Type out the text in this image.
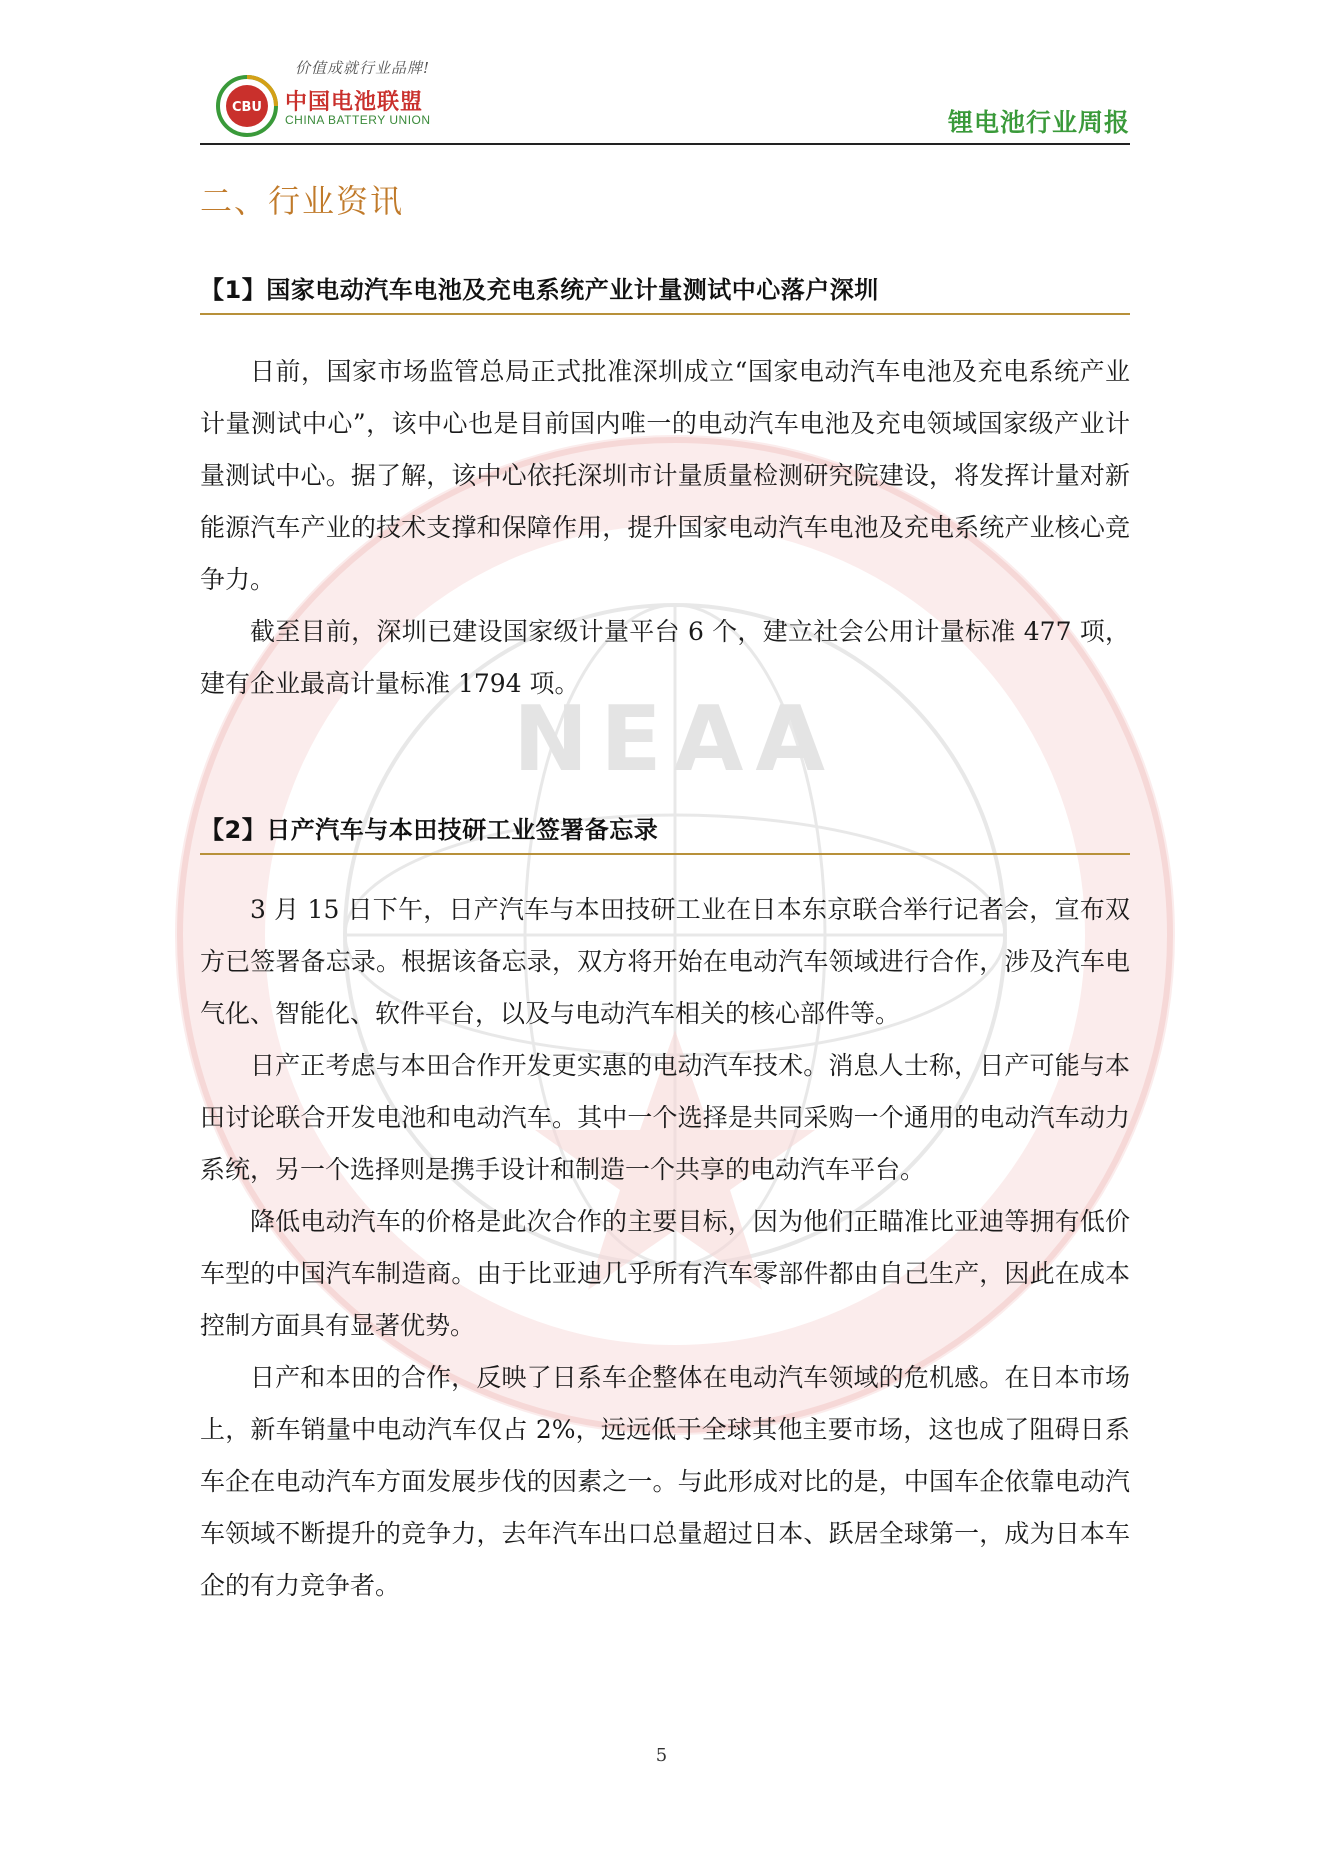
NEAA
价值成就行业品牌!
CBU 中国电池联盟
CHINA BATTERY UNION	锂电池行业周报
二、行业资讯
【1】国家电动汽车电池及充电系统产业计量测试中心落户深圳

日前，国家市场监管总局正式批准深圳成立“国家电动汽车电池及充电系统产业计量测试中心”，该中心也是目前国内唯一的电动汽车电池及充电领域国家级产业计量测试中心。据了解，该中心依托深圳市计量质量检测研究院建设，将发挥计量对新能源汽车产业的技术支撑和保障作用，提升国家电动汽车电池及充电系统产业核心竞争力。

截至目前，深圳已建设国家级计量平台 6 个，建立社会公用计量标准 477 项，建有企业最高计量标准 1794 项。

【2】日产汽车与本田技研工业签署备忘录

3 月 15 日下午，日产汽车与本田技研工业在日本东京联合举行记者会，宣布双方已签署备忘录。根据该备忘录，双方将开始在电动汽车领域进行合作，涉及汽车电气化、智能化、软件平台，以及与电动汽车相关的核心部件等。

日产正考虑与本田合作开发更实惠的电动汽车技术。消息人士称，日产可能与本田讨论联合开发电池和电动汽车。其中一个选择是共同采购一个通用的电动汽车动力系统，另一个选择则是携手设计和制造一个共享的电动汽车平台。

降低电动汽车的价格是此次合作的主要目标，因为他们正瞄准比亚迪等拥有低价车型的中国汽车制造商。由于比亚迪几乎所有汽车零部件都由自己生产，因此在成本控制方面具有显著优势。

日产和本田的合作，反映了日系车企整体在电动汽车领域的危机感。在日本市场上，新车销量中电动汽车仅占 2%，远远低于全球其他主要市场，这也成了阻碍日系车企在电动汽车方面发展步伐的因素之一。与此形成对比的是，中国车企依靠电动汽车领域不断提升的竞争力，去年汽车出口总量超过日本、跃居全球第一，成为日本车企的有力竞争者。

5
